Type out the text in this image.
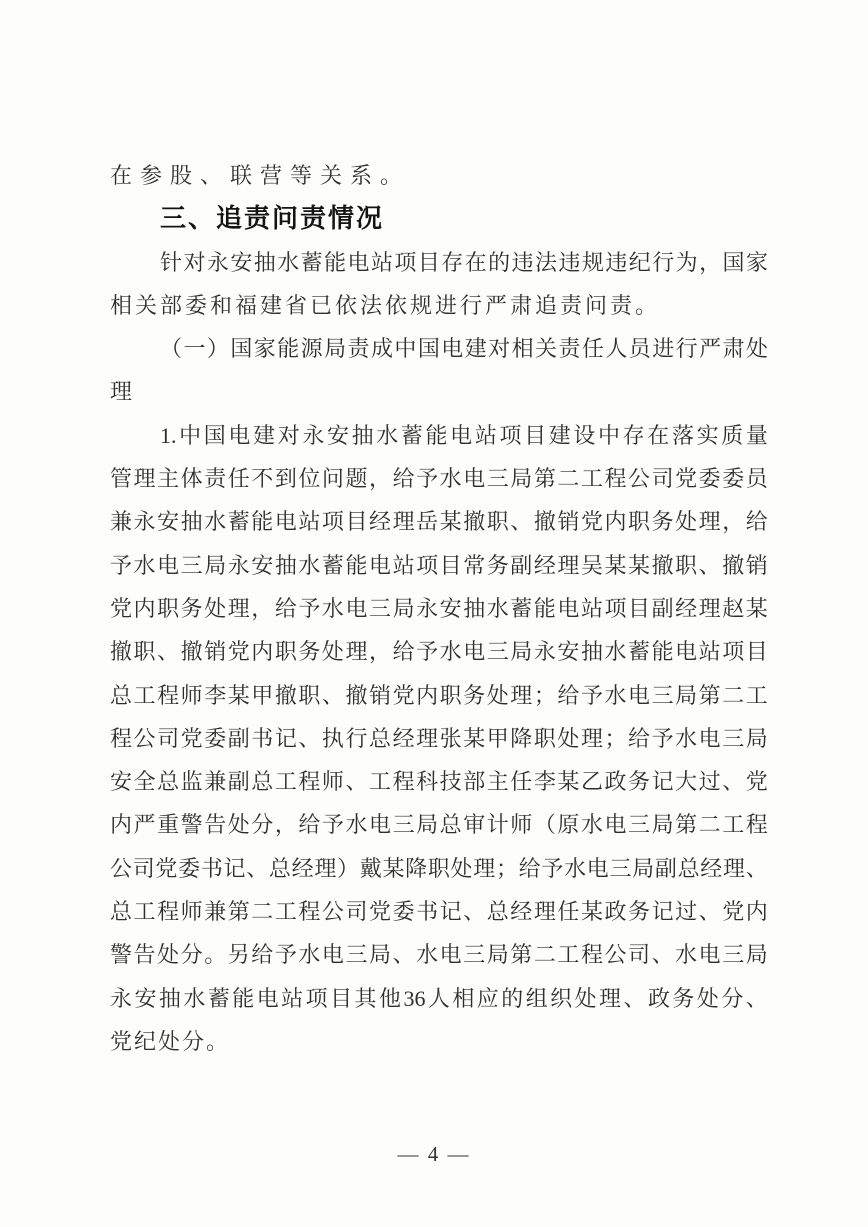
在参股、联营等关系。
三、追责问责情况
针 对 永 安 抽 水 蓄 能 电 站 项 目 存 在 的 违 法 违 规 违 纪 行 为 ， 国 家
相关部委和福建省已依法依规进行严肃追责问责。
（ 一 ） 国 家 能 源 局 责 成 中 国 电 建 对 相 关 责 任 人 员 进 行 严 肃 处
理
1. 中 国 电 建 对 永 安 抽 水 蓄 能 电 站 项 目 建 设 中 存 在 落 实 质 量
管 理 主 体 责 任 不 到 位 问 题 ， 给 予 水 电 三 局 第 二 工 程 公 司 党 委 委 员
兼 永 安 抽 水 蓄 能 电 站 项 目 经 理 岳 某 撤 职 、 撤 销 党 内 职 务 处 理 ， 给
予 水 电 三 局 永 安 抽 水 蓄 能 电 站 项 目 常 务 副 经 理 吴 某 某 撤 职 、 撤 销
党 内 职 务 处 理 ， 给 予 水 电 三 局 永 安 抽 水 蓄 能 电 站 项 目 副 经 理 赵 某
撤 职 、 撤 销 党 内 职 务 处 理 ， 给 予 水 电 三 局 永 安 抽 水 蓄 能 电 站 项 目
总 工 程 师 李 某 甲 撤 职 、 撤 销 党 内 职 务 处 理 ； 给 予 水 电 三 局 第 二 工
程 公 司 党 委 副 书 记 、 执 行 总 经 理 张 某 甲 降 职 处 理 ； 给 予 水 电 三 局
安 全 总 监 兼 副 总 工 程 师 、 工 程 科 技 部 主 任 李 某 乙 政 务 记 大 过 、 党
内 严 重 警 告 处 分 ， 给 予 水 电 三 局 总 审 计 师 （ 原 水 电 三 局 第 二 工 程
公 司 党 委 书 记 、 总 经 理 ） 戴 某 降 职 处 理 ； 给 予 水 电 三 局 副 总 经 理 、
总 工 程 师 兼 第 二 工 程 公 司 党 委 书 记 、 总 经 理 任 某 政 务 记 过 、 党 内
警 告 处 分 。 另 给 予 水 电 三 局 、 水 电 三 局 第 二 工 程 公 司 、 水 电 三 局
永 安 抽 水 蓄 能 电 站 项 目 其 他 36 人 相 应 的 组 织 处 理 、 政 务 处 分 、
党纪处分。
— 4 —
